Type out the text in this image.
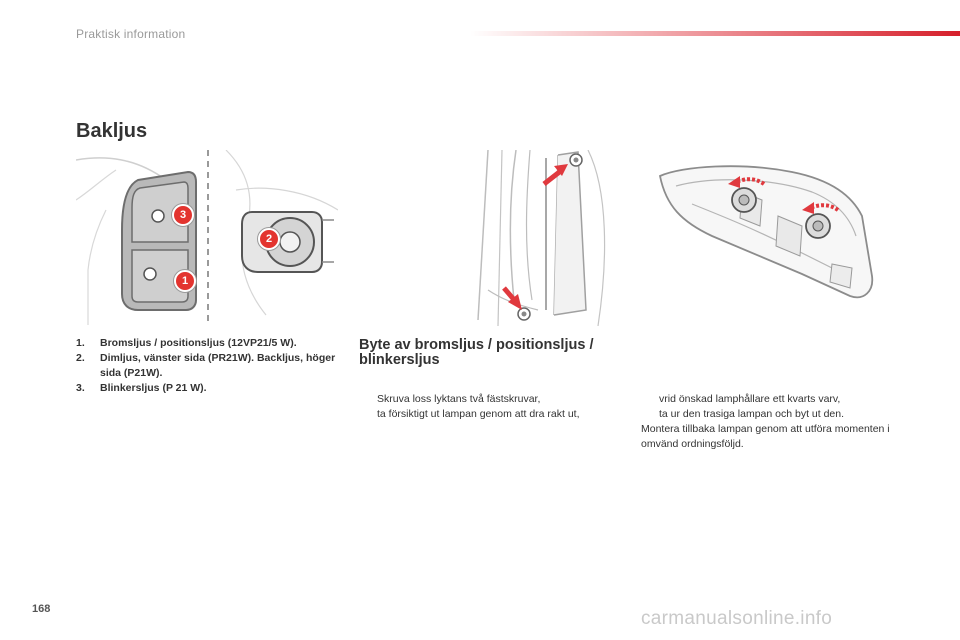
Praktisk information
Bakljus
3
1
2
1.	Bromsljus / positionsljus (12VP21/5 W).
2.	Dimljus, vänster sida (PR21W). Backljus, höger sida (P21W).
3.	Blinkersljus (P 21 W).
Byte av bromsljus / positionsljus / blinkersljus
Skruva loss lyktans två fästskruvar,
ta försiktigt ut lampan genom att dra rakt ut,
vrid önskad lamphållare ett kvarts varv,
ta ur den trasiga lampan och byt ut den.
Montera tillbaka lampan genom att utföra momenten i omvänd ordningsföljd.
168	carmanualsonline.info
